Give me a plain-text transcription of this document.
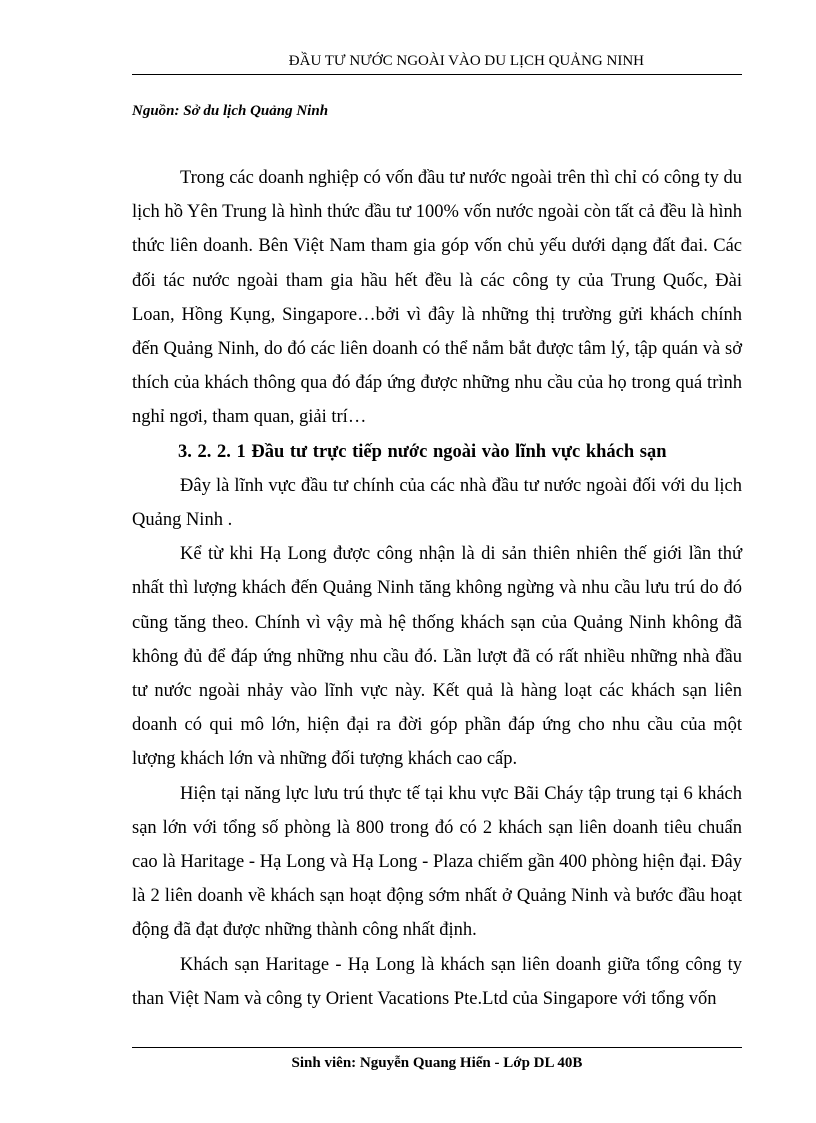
ĐẦU TƯ NƯỚC NGOÀI VÀO DU LỊCH QUẢNG NINH

Nguồn: Sở du lịch Quảng Ninh

Trong các doanh nghiệp có vốn đầu tư nước ngoài trên thì chỉ có công ty du lịch hồ Yên Trung là hình thức đầu tư 100% vốn nước ngoài còn tất cả đều là hình thức liên doanh. Bên Việt Nam tham gia góp vốn chủ yếu dưới dạng đất đai. Các đối tác nước ngoài tham gia hầu hết đều là các công ty của Trung Quốc, Đài Loan, Hồng Kụng, Singapore…bởi vì đây là những thị trường gửi khách chính đến Quảng Ninh, do đó các liên doanh có thể nắm bắt được tâm lý, tập quán và sở thích của khách thông qua đó đáp ứng được những nhu cầu của họ trong quá trình nghỉ ngơi, tham quan, giải trí…

3. 2. 2. 1 Đầu tư trực tiếp nước ngoài vào lĩnh vực khách sạn

Đây là lĩnh vực đầu tư chính của các nhà đầu tư nước ngoài đối với du lịch Quảng Ninh .

Kể từ khi Hạ Long được công nhận là di sản thiên nhiên thế giới lần thứ nhất thì lượng khách đến Quảng Ninh tăng không ngừng và nhu cầu lưu trú do đó cũng tăng theo. Chính vì vậy mà hệ thống khách sạn của Quảng Ninh không đã không đủ để đáp ứng những nhu cầu đó. Lần lượt đã có rất nhiều những nhà đầu tư nước ngoài nhảy vào lĩnh vực này. Kết quả là hàng loạt các khách sạn liên doanh có qui mô lớn, hiện đại ra đời góp phần đáp ứng cho nhu cầu của một lượng khách lớn và những đối tượng khách cao cấp.

Hiện tại năng lực lưu trú thực tế tại khu vực Bãi Cháy tập trung tại 6 khách sạn lớn với tổng số phòng là 800 trong đó có 2 khách sạn liên doanh tiêu chuẩn cao là Haritage - Hạ Long và Hạ Long - Plaza chiếm gần 400 phòng hiện đại. Đây là 2 liên doanh về khách sạn hoạt động sớm nhất ở Quảng Ninh và bước đầu hoạt động đã đạt được những thành công nhất định.

Khách sạn Haritage - Hạ Long là khách sạn liên doanh giữa tổng công ty than Việt Nam và công ty Orient Vacations Pte.Ltd của Singapore với tổng vốn

Sinh viên: Nguyễn Quang Hiển - Lớp DL 40B
